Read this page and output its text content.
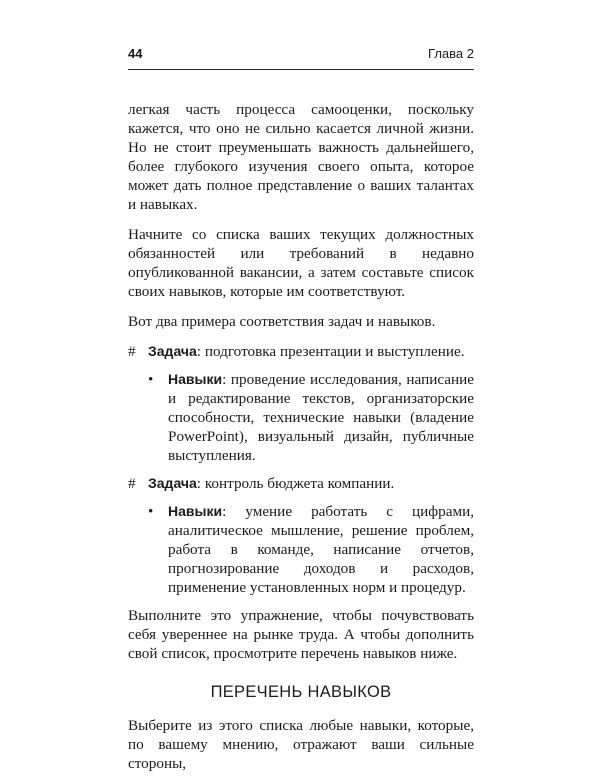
44	Глава 2

легкая часть процесса самооценки, поскольку кажется, что оно не сильно касается личной жизни. Но не стоит преуменьшать важность дальнейшего, более глубокого изучения своего опыта, которое может дать полное представление о ваших талантах и навыках.

Начните со списка ваших текущих должностных обязанностей или требований в недавно опубликованной вакансии, а затем составьте список своих навыков, которые им соответствуют.

Вот два примера соответствия задач и навыков.

# Задача: подготовка презентации и выступление.
• Навыки: проведение исследования, написание и редактирование текстов, организаторские способности, технические навыки (владение PowerPoint), визуальный дизайн, публичные выступления.
# Задача: контроль бюджета компании.
• Навыки: умение работать с цифрами, аналитическое мышление, решение проблем, работа в команде, написание отчетов, прогнозирование доходов и расходов, применение установленных норм и процедур.

Выполните это упражнение, чтобы почувствовать себя увереннее на рынке труда. А чтобы дополнить свой список, просмотрите перечень навыков ниже.

ПЕРЕЧЕНЬ НАВЫКОВ

Выберите из этого списка любые навыки, которые, по вашему мнению, отражают ваши сильные стороны,
